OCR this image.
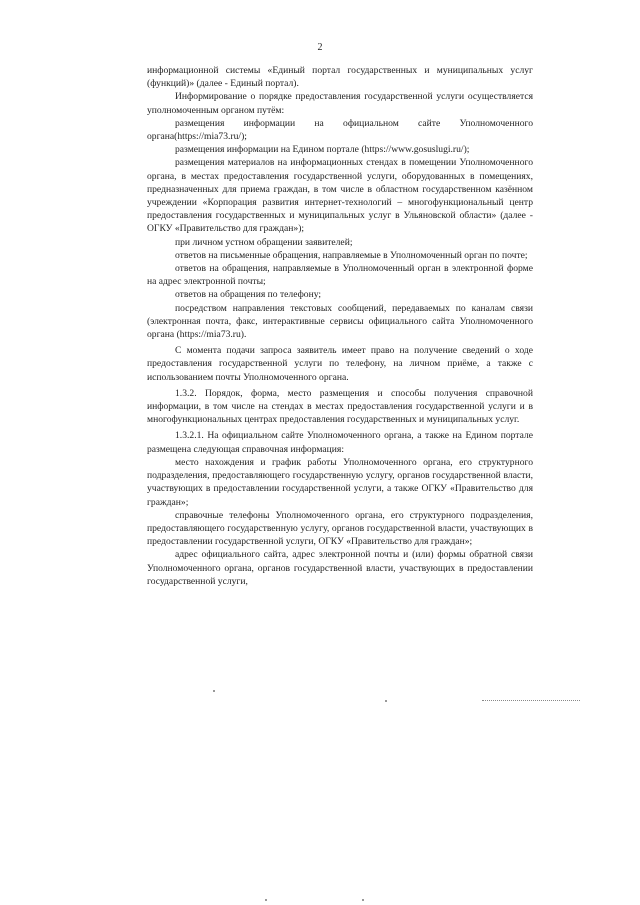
2

информационной системы «Единый портал государственных и муниципальных услуг (функций)» (далее - Единый портал).

Информирование о порядке предоставления государственной услуги осуществляется уполномоченным органом путём:

размещения информации на официальном сайте Уполномоченного органа(https://mia73.ru/);

размещения информации на Едином портале (https://www.gosuslugi.ru/);

размещения материалов на информационных стендах в помещении Уполномоченного органа, в местах предоставления государственной услуги, оборудованных в помещениях, предназначенных для приема граждан, в том числе в областном государственном казённом учреждении «Корпорация развития интернет-технологий – многофункциональный центр предоставления государственных и муниципальных услуг в Ульяновской области» (далее - ОГКУ «Правительство для граждан»);

при личном устном обращении заявителей;

ответов на письменные обращения, направляемые в Уполномоченный орган по почте;

ответов на обращения, направляемые в Уполномоченный орган в электронной форме на адрес электронной почты;

ответов на обращения по телефону;

посредством направления текстовых сообщений, передаваемых по каналам связи (электронная почта, факс, интерактивные сервисы официального сайта Уполномоченного органа (https://mia73.ru).

С момента подачи запроса заявитель имеет право на получение сведений о ходе предоставления государственной услуги по телефону, на личном приёме, а также с использованием почты Уполномоченного органа.

1.3.2. Порядок, форма, место размещения и способы получения справочной информации, в том числе на стендах в местах предоставления государственной услуги и в многофункциональных центрах предоставления государственных и муниципальных услуг.

1.3.2.1. На официальном сайте Уполномоченного органа, а также на Едином портале размещена следующая справочная информация:

место нахождения и график работы Уполномоченного органа, его структурного подразделения, предоставляющего государственную услугу, органов государственной власти, участвующих в предоставлении государственной услуги, а также ОГКУ «Правительство для граждан»;

справочные телефоны Уполномоченного органа, его структурного подразделения, предоставляющего государственную услугу, органов государственной власти, участвующих в предоставлении государственной услуги, ОГКУ «Правительство для граждан»;

адрес официального сайта, адрес электронной почты и (или) формы обратной связи Уполномоченного органа, органов государственной власти, участвующих в предоставлении государственной услуги,
